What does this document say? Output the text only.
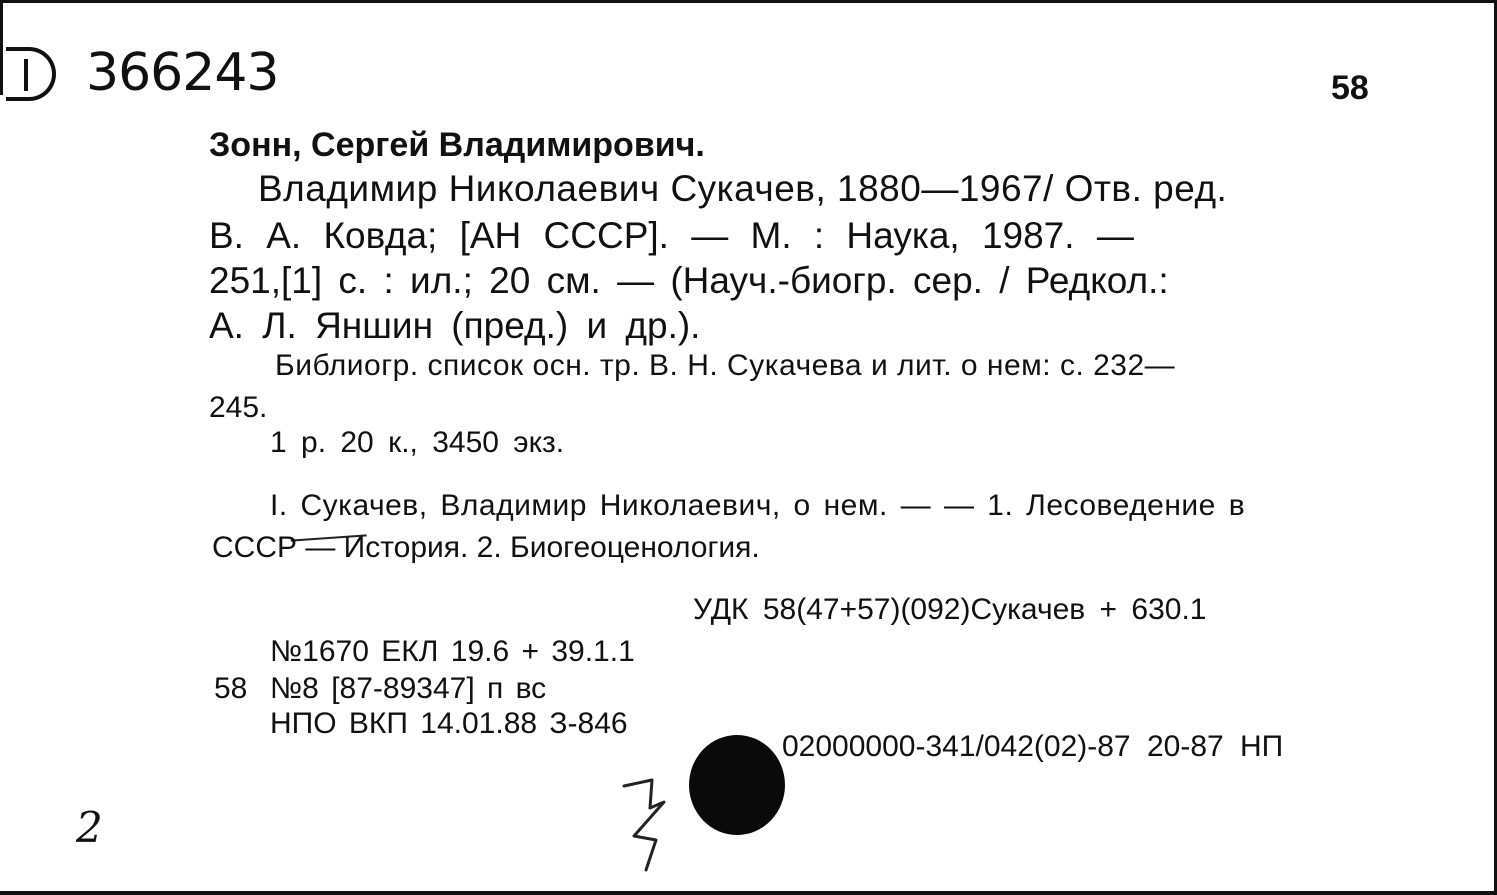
366243	58
Зонн, Сергей Владимирович.
Владимир Николаевич Сукачев, 1880—1967/ Отв. ред.
В. А. Ковда; [АН СССР]. — М. : Наука, 1987. —
251,[1] с. : ил.; 20 см. — (Науч.-биогр. сер. / Редкол.:
А. Л. Яншин (пред.) и др.).
Библиогр. список осн. тр. В. Н. Сукачева и лит. о нем: с. 232—
245.
1 р. 20 к., 3450 экз.
I. Сукачев, Владимир Николаевич, о нем. — — 1. Лесоведение в
СССР — История. 2. Биогеоценология.
УДК 58(47+57)(092)Сукачев + 630.1
№1670 ЕКЛ 19.6 + 39.1.1
58 №8 [87-89347] п вс
НПО ВКП 14.01.88 З-846
02000000-341/042(02)-87 20-87 НП
2
